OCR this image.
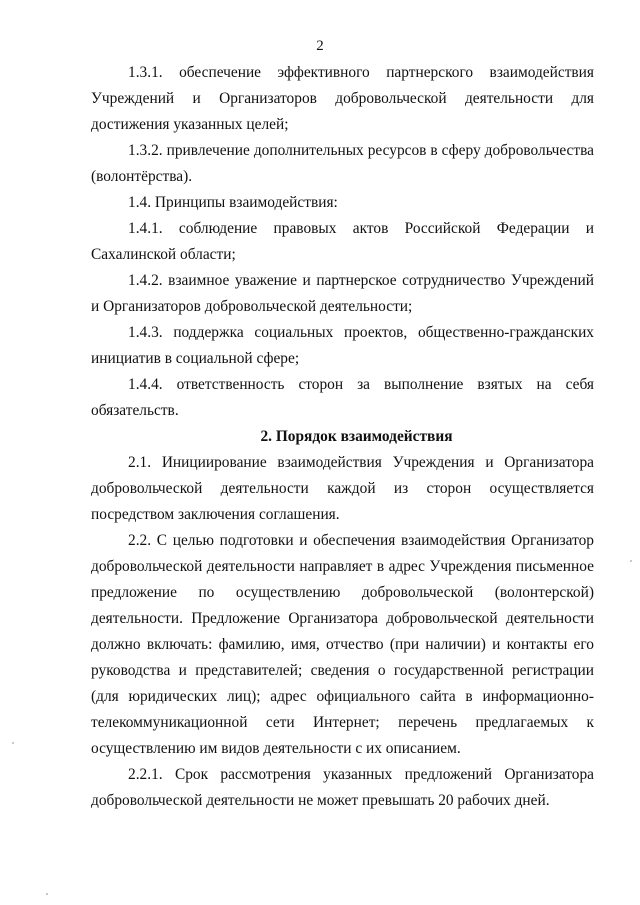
2

1.3.1. обеспечение эффективного партнерского взаимодействия Учреждений и Организаторов добровольческой деятельности для достижения указанных целей;

1.3.2. привлечение дополнительных ресурсов в сферу добровольчества (волонтёрства).

1.4. Принципы взаимодействия:

1.4.1. соблюдение правовых актов Российской Федерации и Сахалинской области;

1.4.2. взаимное уважение и партнерское сотрудничество Учреждений и Организаторов добровольческой деятельности;

1.4.3. поддержка социальных проектов, общественно-гражданских инициатив в социальной сфере;

1.4.4. ответственность сторон за выполнение взятых на себя обязательств.

2. Порядок взаимодействия

2.1. Инициирование взаимодействия Учреждения и Организатора добровольческой деятельности каждой из сторон осуществляется посредством заключения соглашения.

2.2. С целью подготовки и обеспечения взаимодействия Организатор добровольческой деятельности направляет в адрес Учреждения письменное предложение по осуществлению добровольческой (волонтерской) деятельности. Предложение Организатора добровольческой деятельности должно включать: фамилию, имя, отчество (при наличии) и контакты его руководства и представителей; сведения о государственной регистрации (для юридических лиц); адрес официального сайта в информационно-телекоммуникационной сети Интернет; перечень предлагаемых к осуществлению им видов деятельности с их описанием.

2.2.1. Срок рассмотрения указанных предложений Организатора добровольческой деятельности не может превышать 20 рабочих дней.
